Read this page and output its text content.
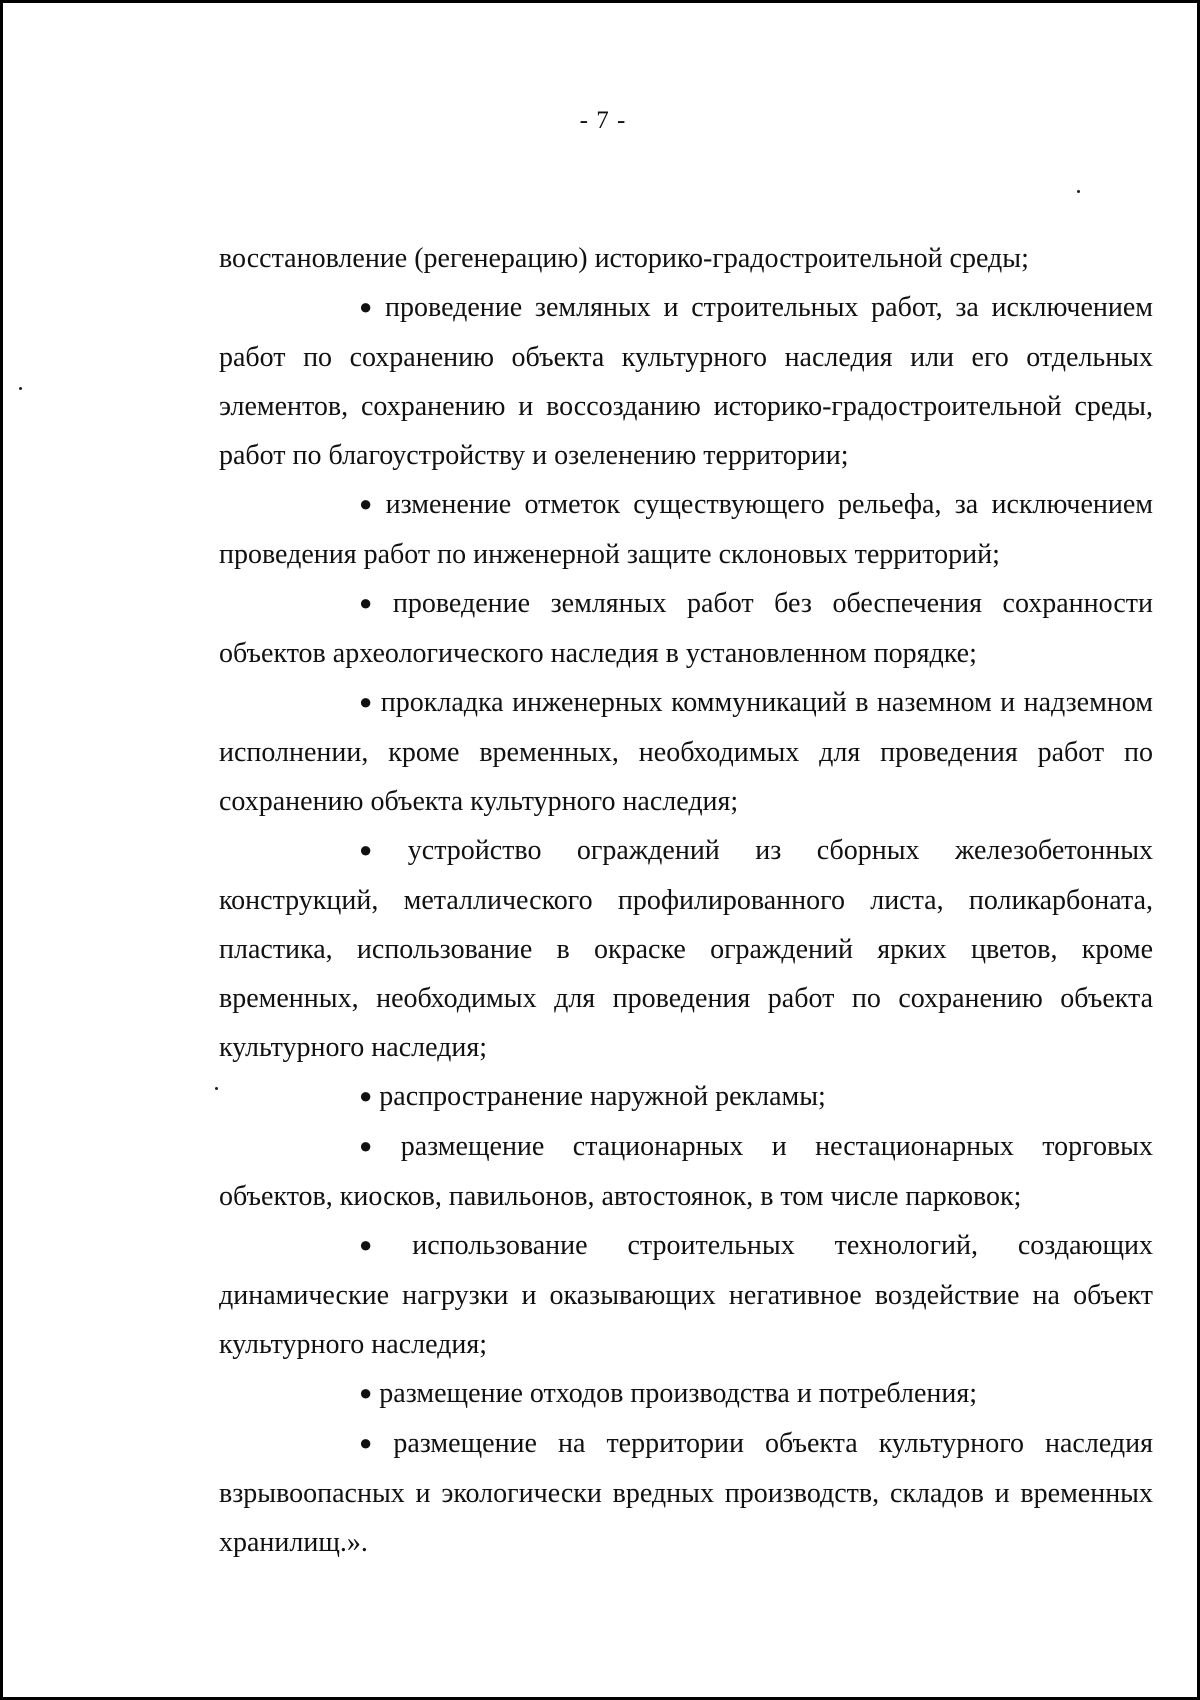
- 7 -

восстановление (регенерацию) историко-градостроительной среды;

● проведение земляных и строительных работ, за исключением работ по сохранению объекта культурного наследия или его отдельных элементов, сохранению и воссозданию историко-градостроительной среды, работ по благоустройству и озеленению территории;

● изменение отметок существующего рельефа, за исключением проведения работ по инженерной защите склоновых территорий;

● проведение земляных работ без обеспечения сохранности объектов археологического наследия в установленном порядке;

● прокладка инженерных коммуникаций в наземном и надземном исполнении, кроме временных, необходимых для проведения работ по сохранению объекта культурного наследия;

● устройство ограждений из сборных железобетонных конструкций, металлического профилированного листа, поликарбоната, пластика, использование в окраске ограждений ярких цветов, кроме временных, необходимых для проведения работ по сохранению объекта культурного наследия;

● распространение наружной рекламы;

● размещение стационарных и нестационарных торговых объектов, киосков, павильонов, автостоянок, в том числе парковок;

● использование строительных технологий, создающих динамические нагрузки и оказывающих негативное воздействие на объект культурного наследия;

● размещение отходов производства и потребления;

● размещение на территории объекта культурного наследия взрывоопасных и экологически вредных производств, складов и временных хранилищ.».
